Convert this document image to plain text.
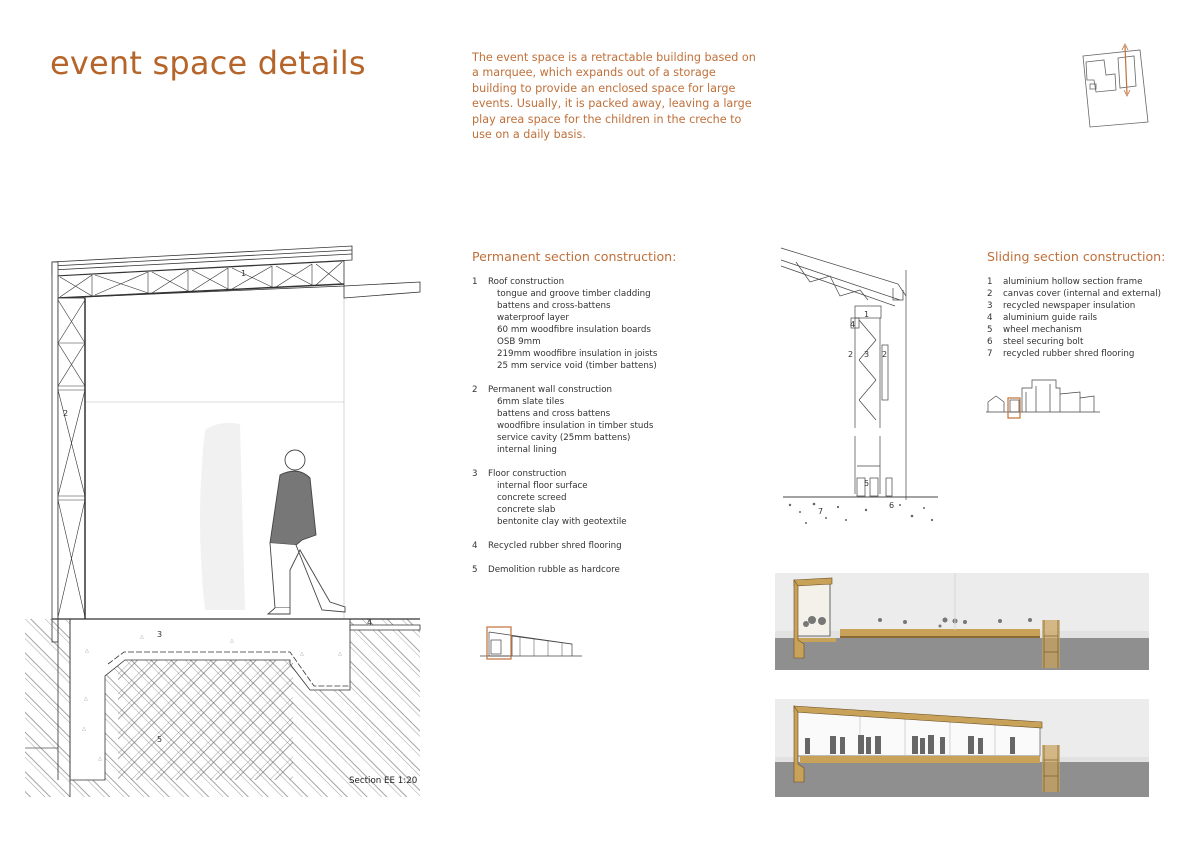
event space details	The event space is a retractable building based on a marquee, which expands out of a storage building to provide an enclosed space for large events. Usually, it is packed away, leaving a large play area space for the children in the creche to use on a daily basis.
△
△
△
△	△
△
△
△
1
2
3
4
5
Section EE 1:20
Permanent section construction:
1 Roof construction
tongue and groove timber cladding
battens and cross-battens
waterproof layer
60 mm woodfibre insulation boards
OSB 9mm
219mm woodfibre insulation in joists
25 mm service void (timber battens)
2 Permanent wall construction
6mm slate tiles
battens and cross battens
woodfibre insulation in timber studs
service cavity (25mm battens)
internal lining
3 Floor construction
internal floor surface
concrete screed
concrete slab
bentonite clay with geotextile
4 Recycled rubber shred flooring
5 Demolition rubble as hardcore
1
2 3 2
4
5
6
7
Sliding section construction:
1 aluminium hollow section frame
2 canvas cover (internal and external)
3 recycled newspaper insulation
4 aluminium guide rails
5 wheel mechanism
6 steel securing bolt
7 recycled rubber shred flooring
